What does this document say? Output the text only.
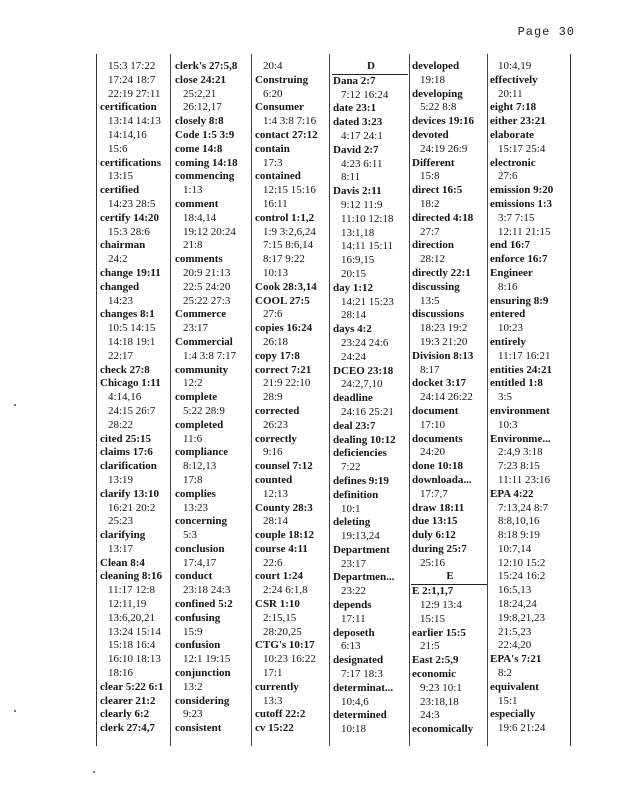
Page 30
15:3 17:22
17:24 18:7
22:19 27:11
certification
13:14 14:13
14:14,16
15:6
certifications
13:15
certified
14:23 28:5
certify 14:20
15:3 28:6
chairman
24:2
change 19:11
changed
14:23
changes 8:1
10:5 14:15
14:18 19:1
22:17
check 27:8
Chicago 1:11
4:14,16
24:15 26:7
28:22
cited 25:15
claims 17:6
clarification
13:19
clarify 13:10
16:21 20:2
25:23
clarifying
13:17
Clean 8:4
cleaning 8:16
11:17 12:8
12:11,19
13:6,20,21
13:24 15:14
15:18 16:4
16:10 18:13
18:16
clear 5:22 6:1
clearer 21:2
clearly 6:2
clerk 27:4,7
clerk's 27:5,8
close 24:21
25:2,21
26:12,17
closely 8:8
Code 1:5 3:9
come 14:8
coming 14:18
commencing
1:13
comment
18:4,14
19:12 20:24
21:8
comments
20:9 21:13
22:5 24:20
25:22 27:3
Commerce
23:17
Commercial
1:4 3:8 7:17
community
12:2
complete
5:22 28:9
completed
11:6
compliance
8:12,13
17:8
complies
13:23
concerning
5:3
conclusion
17:4,17
conduct
23:18 24:3
confined 5:2
confusing
15:9
confusion
12:1 19:15
conjunction
13:2
considering
9:23
consistent
20:4
Construing
6:20
Consumer
1:4 3:8 7:16
contact 27:12
contain
17:3
contained
12:15 15:16
16:11
control 1:1,2
1:9 3:2,6,24
7:15 8:6,14
8:17 9:22
10:13
Cook 28:3,14
COOL 27:5
27:6
copies 16:24
26:18
copy 17:8
correct 7:21
21:9 22:10
28:9
corrected
26:23
correctly
9:16
counsel 7:12
counted
12:13
County 28:3
28:14
couple 18:12
course 4:11
22:6
court 1:24
2:24 6:1,8
CSR 1:10
2:15,15
28:20,25
CTG's 10:17
10:23 16:22
17:1
currently
13:3
cutoff 22:2
cv 15:22
D
Dana 2:7
7:12 16:24
date 23:1
dated 3:23
4:17 24:1
David 2:7
4:23 6:11
8:11
Davis 2:11
9:12 11:9
11:10 12:18
13:1,18
14:11 15:11
16:9,15
20:15
day 1:12
14:21 15:23
28:14
days 4:2
23:24 24:6
24:24
DCEO 23:18
24:2,7,10
deadline
24:16 25:21
deal 23:7
dealing 10:12
deficiencies
7:22
defines 9:19
definition
10:1
deleting
19:13,24
Department
23:17
Departmen...
23:22
depends
17:11
deposeth
6:13
designated
7:17 18:3
determinat...
10:4,6
determined
10:18
developed
19:18
developing
5:22 8:8
devices 19:16
devoted
24:19 26:9
Different
15:8
direct 16:5
18:2
directed 4:18
27:7
direction
28:12
directly 22:1
discussing
13:5
discussions
18:23 19:2
19:3 21:20
Division 8:13
8:17
docket 3:17
24:14 26:22
document
17:10
documents
24:20
done 10:18
downloada...
17:7,7
draw 18:11
due 13:15
duly 6:12
during 25:7
25:16
E
E 2:1,1,7
12:9 13:4
15:15
earlier 15:5
21:5
East 2:5,9
economic
9:23 10:1
23:18,18
24:3
economically
10:4,19
effectively
20:11
eight 7:18
either 23:21
elaborate
15:17 25:4
electronic
27:6
emission 9:20
emissions 1:3
3:7 7:15
12:11 21:15
end 16:7
enforce 16:7
Engineer
8:16
ensuring 8:9
entered
10:23
entirely
11:17 16:21
entities 24:21
entitled 1:8
3:5
environment
10:3
Environme...
2:4,9 3:18
7:23 8:15
11:11 23:16
EPA 4:22
7:13,24 8:7
8:8,10,16
8:18 9:19
10:7,14
12:10 15:2
15:24 16:2
16:5,13
18:24,24
19:8,21,23
21:5,23
22:4,20
EPA's 7:21
8:2
equivalent
15:1
especially
19:6 21:24
